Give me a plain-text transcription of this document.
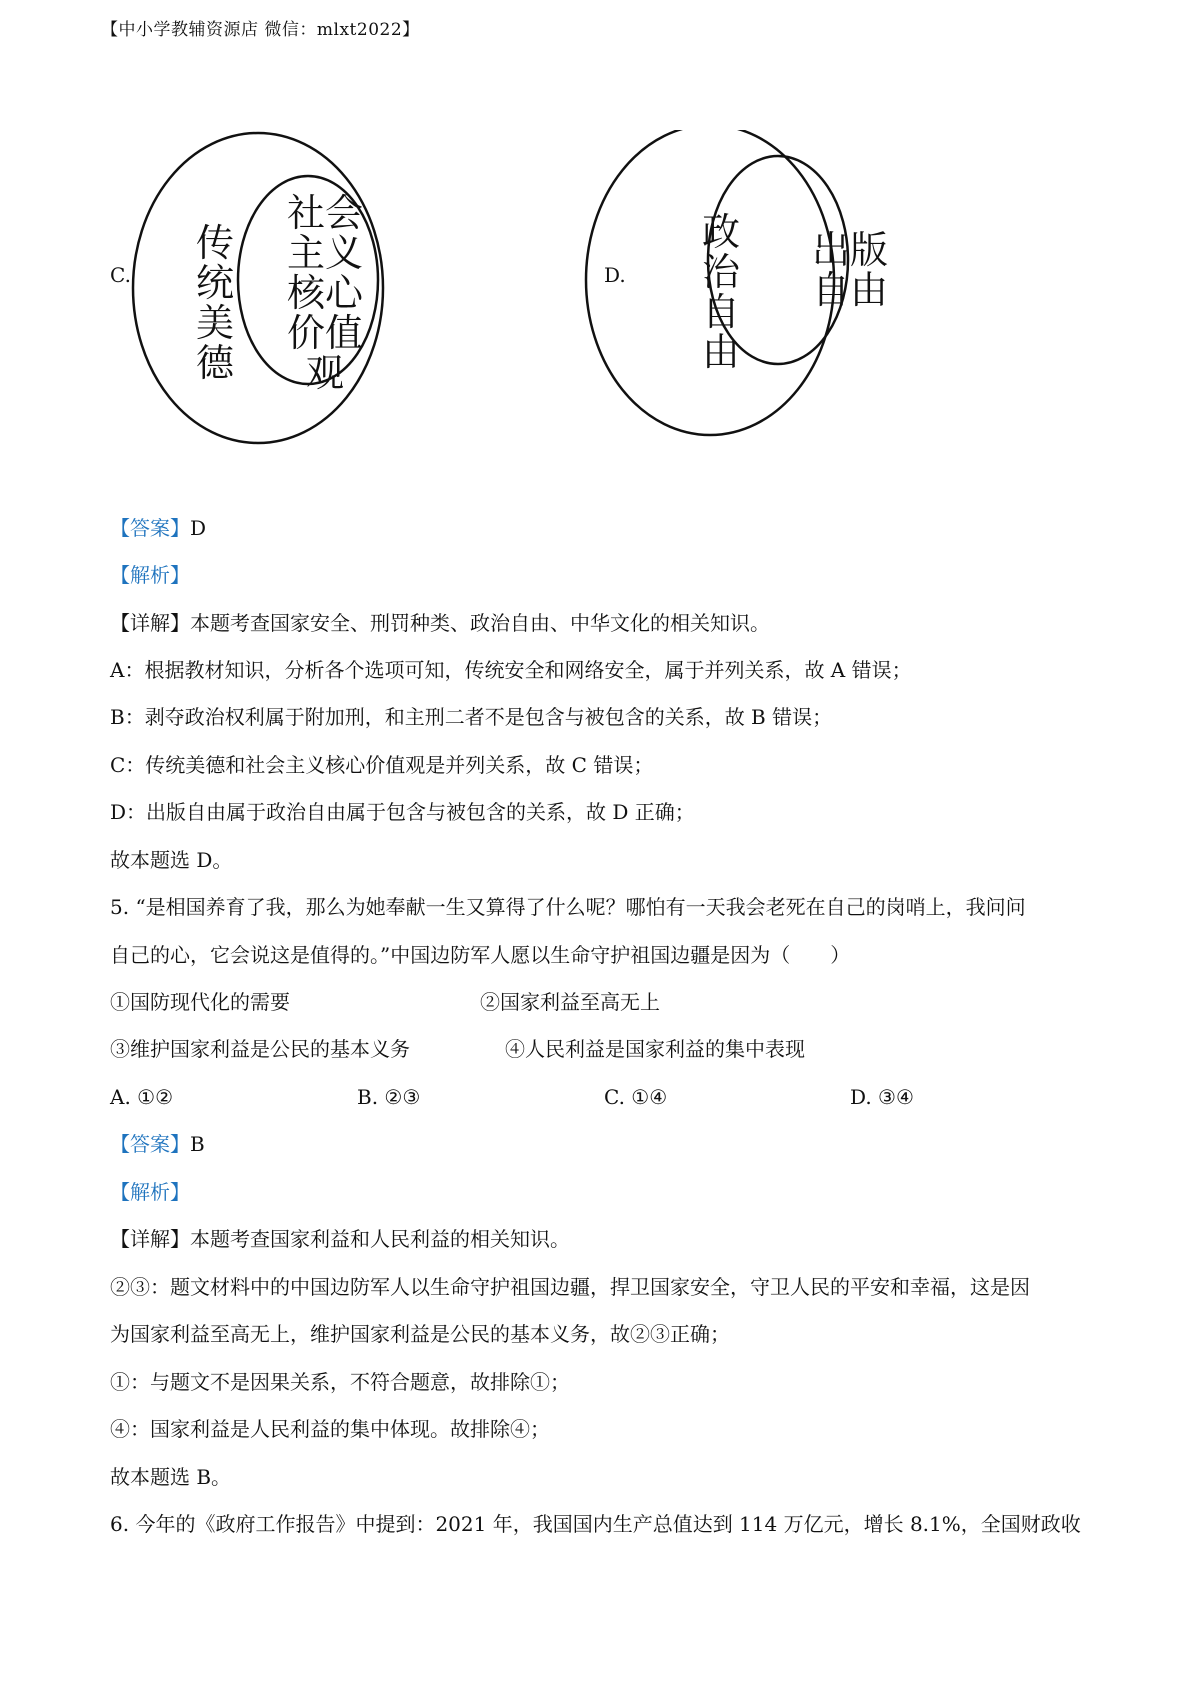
【中小学教辅资源店 微信：mlxt2022】
C.
传
统
美
德
社会
主义
核心
价值
观
D.
政
治
自
由
出版
自由
【答案】D
【解析】
【详解】本题考查国家安全、刑罚种类、政治自由、中华文化的相关知识。
A：根据教材知识，分析各个选项可知，传统安全和网络安全，属于并列关系，故 A 错误；
B：剥夺政治权利属于附加刑，和主刑二者不是包含与被包含的关系，故 B 错误；
C：传统美德和社会主义核心价值观是并列关系，故 C 错误；
D：出版自由属于政治自由属于包含与被包含的关系，故 D 正确；
故本题选 D。
5. “是相国养育了我，那么为她奉献一生又算得了什么呢？哪怕有一天我会老死在自己的岗哨上，我问问
自己的心，它会说这是值得的。”中国边防军人愿以生命守护祖国边疆是因为（　　）
①国防现代化的需要	②国家利益至高无上
③维护国家利益是公民的基本义务	④人民利益是国家利益的集中表现
A. ①②	B. ②③	C. ①④	D. ③④
【答案】B
【解析】
【详解】本题考查国家利益和人民利益的相关知识。
②③：题文材料中的中国边防军人以生命守护祖国边疆，捍卫国家安全，守卫人民的平安和幸福，这是因
为国家利益至高无上，维护国家利益是公民的基本义务，故②③正确；
①：与题文不是因果关系，不符合题意，故排除①；
④：国家利益是人民利益的集中体现。故排除④；
故本题选 B。
6. 今年的《政府工作报告》中提到：2021 年，我国国内生产总值达到 114 万亿元，增长 8.1%，全国财政收
